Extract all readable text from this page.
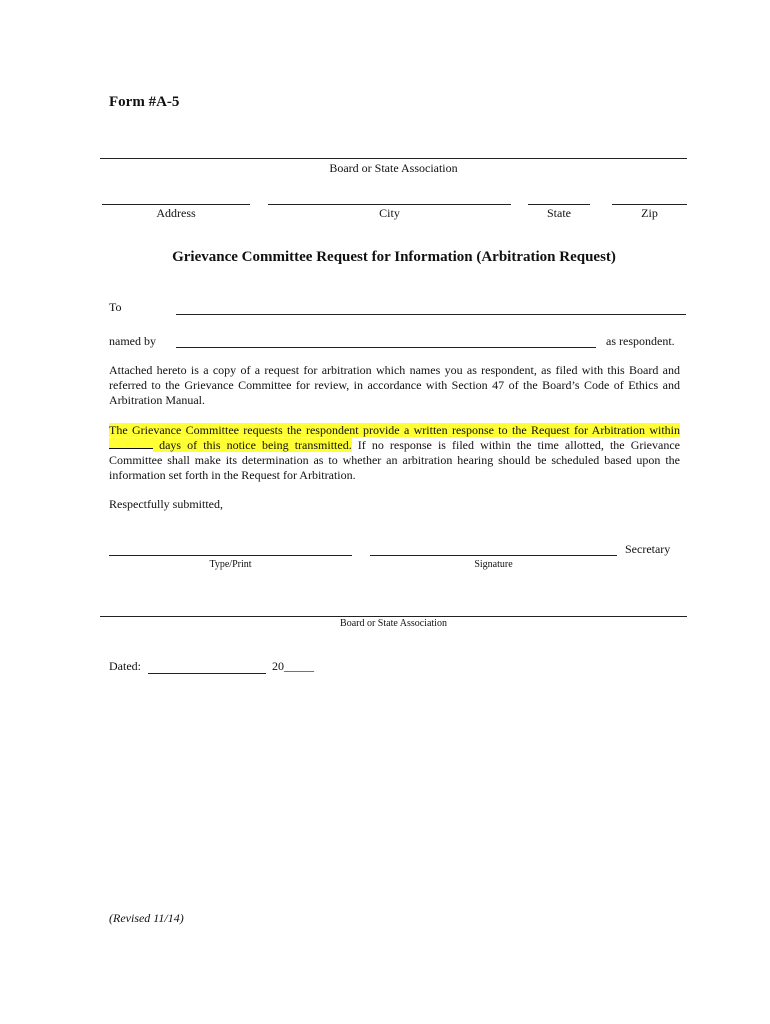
Form #A-5
Board or State Association
Address	City	State	Zip
Grievance Committee Request for Information (Arbitration Request)
To
named by	as respondent.
Attached hereto is a copy of a request for arbitration which names you as respondent, as filed with this Board and referred to the Grievance Committee for review, in accordance with Section 47 of the Board’s Code of Ethics and Arbitration Manual.
The Grievance Committee requests the respondent provide a written response to the Request for Arbitration within  days of this notice being transmitted. If no response is filed within the time allotted, the Grievance Committee shall make its determination as to whether an arbitration hearing should be scheduled based upon the information set forth in the Request for Arbitration.
Respectfully submitted,
Type/Print	Signature
Secretary
Board or State Association
Dated:	20_____
(Revised 11/14)
